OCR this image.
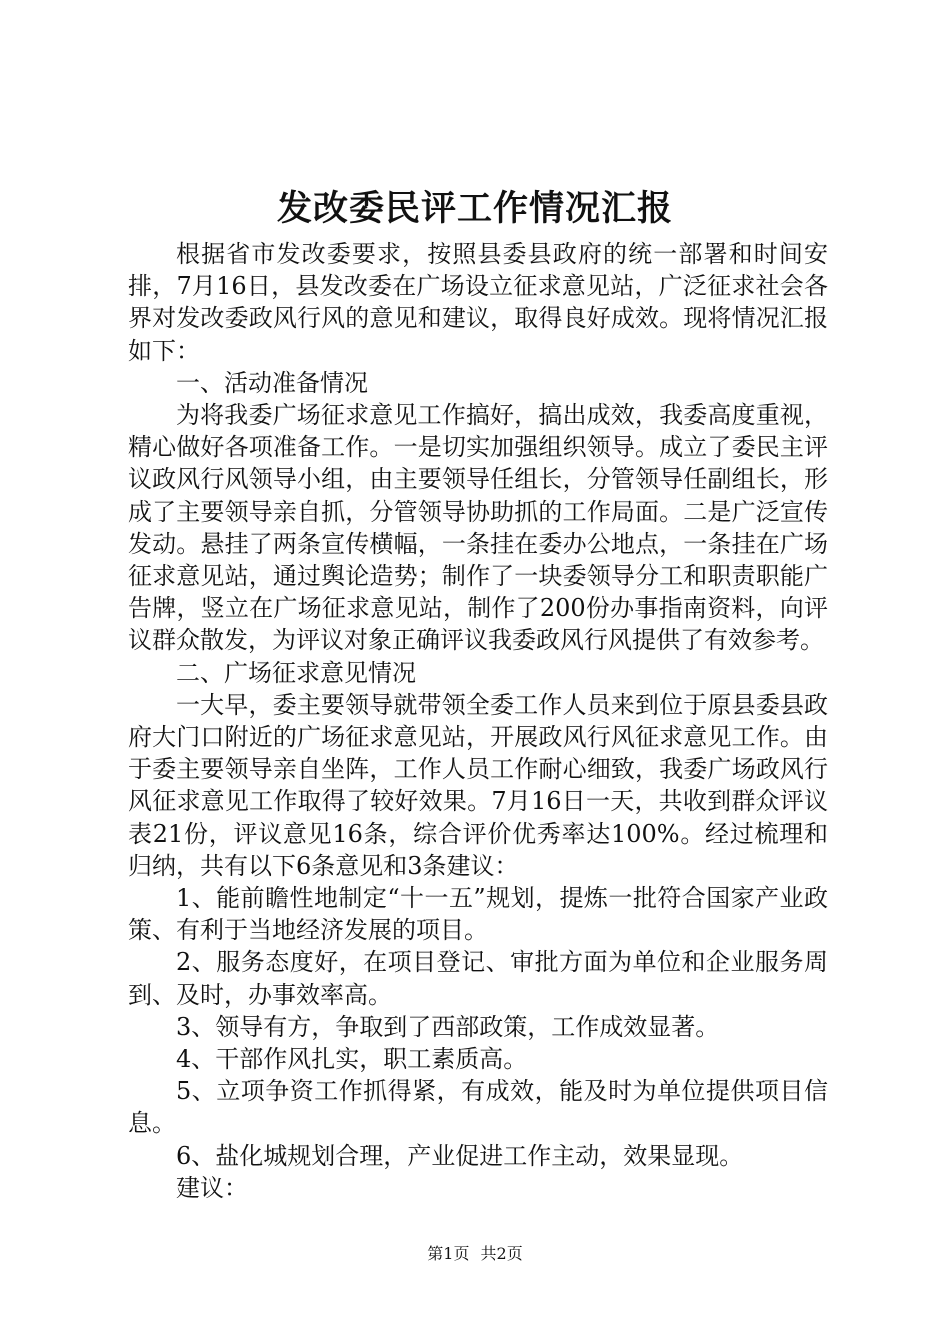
发改委民评工作情况汇报

根据省市发改委要求，按照县委县政府的统一部署和时间安排，7月16日，县发改委在广场设立征求意见站，广泛征求社会各界对发改委政风行风的意见和建议，取得良好成效。现将情况汇报如下：

一、活动准备情况

为将我委广场征求意见工作搞好，搞出成效，我委高度重视，精心做好各项准备工作。一是切实加强组织领导。成立了委民主评议政风行风领导小组，由主要领导任组长，分管领导任副组长，形成了主要领导亲自抓，分管领导协助抓的工作局面。二是广泛宣传发动。悬挂了两条宣传横幅，一条挂在委办公地点，一条挂在广场征求意见站，通过舆论造势；制作了一块委领导分工和职责职能广告牌，竖立在广场征求意见站，制作了200份办事指南资料，向评议群众散发，为评议对象正确评议我委政风行风提供了有效参考。

二、广场征求意见情况

一大早，委主要领导就带领全委工作人员来到位于原县委县政府大门口附近的广场征求意见站，开展政风行风征求意见工作。由于委主要领导亲自坐阵，工作人员工作耐心细致，我委广场政风行风征求意见工作取得了较好效果。7月16日一天，共收到群众评议表21份，评议意见16条，综合评价优秀率达100%。经过梳理和归纳，共有以下6条意见和3条建议：

1、能前瞻性地制定“十一五”规划，提炼一批符合国家产业政策、有利于当地经济发展的项目。

2、服务态度好，在项目登记、审批方面为单位和企业服务周到、及时，办事效率高。

3、领导有方，争取到了西部政策，工作成效显著。

4、干部作风扎实，职工素质高。

5、立项争资工作抓得紧，有成效，能及时为单位提供项目信息。

6、盐化城规划合理，产业促进工作主动，效果显现。

建议：

第1页 共2页
